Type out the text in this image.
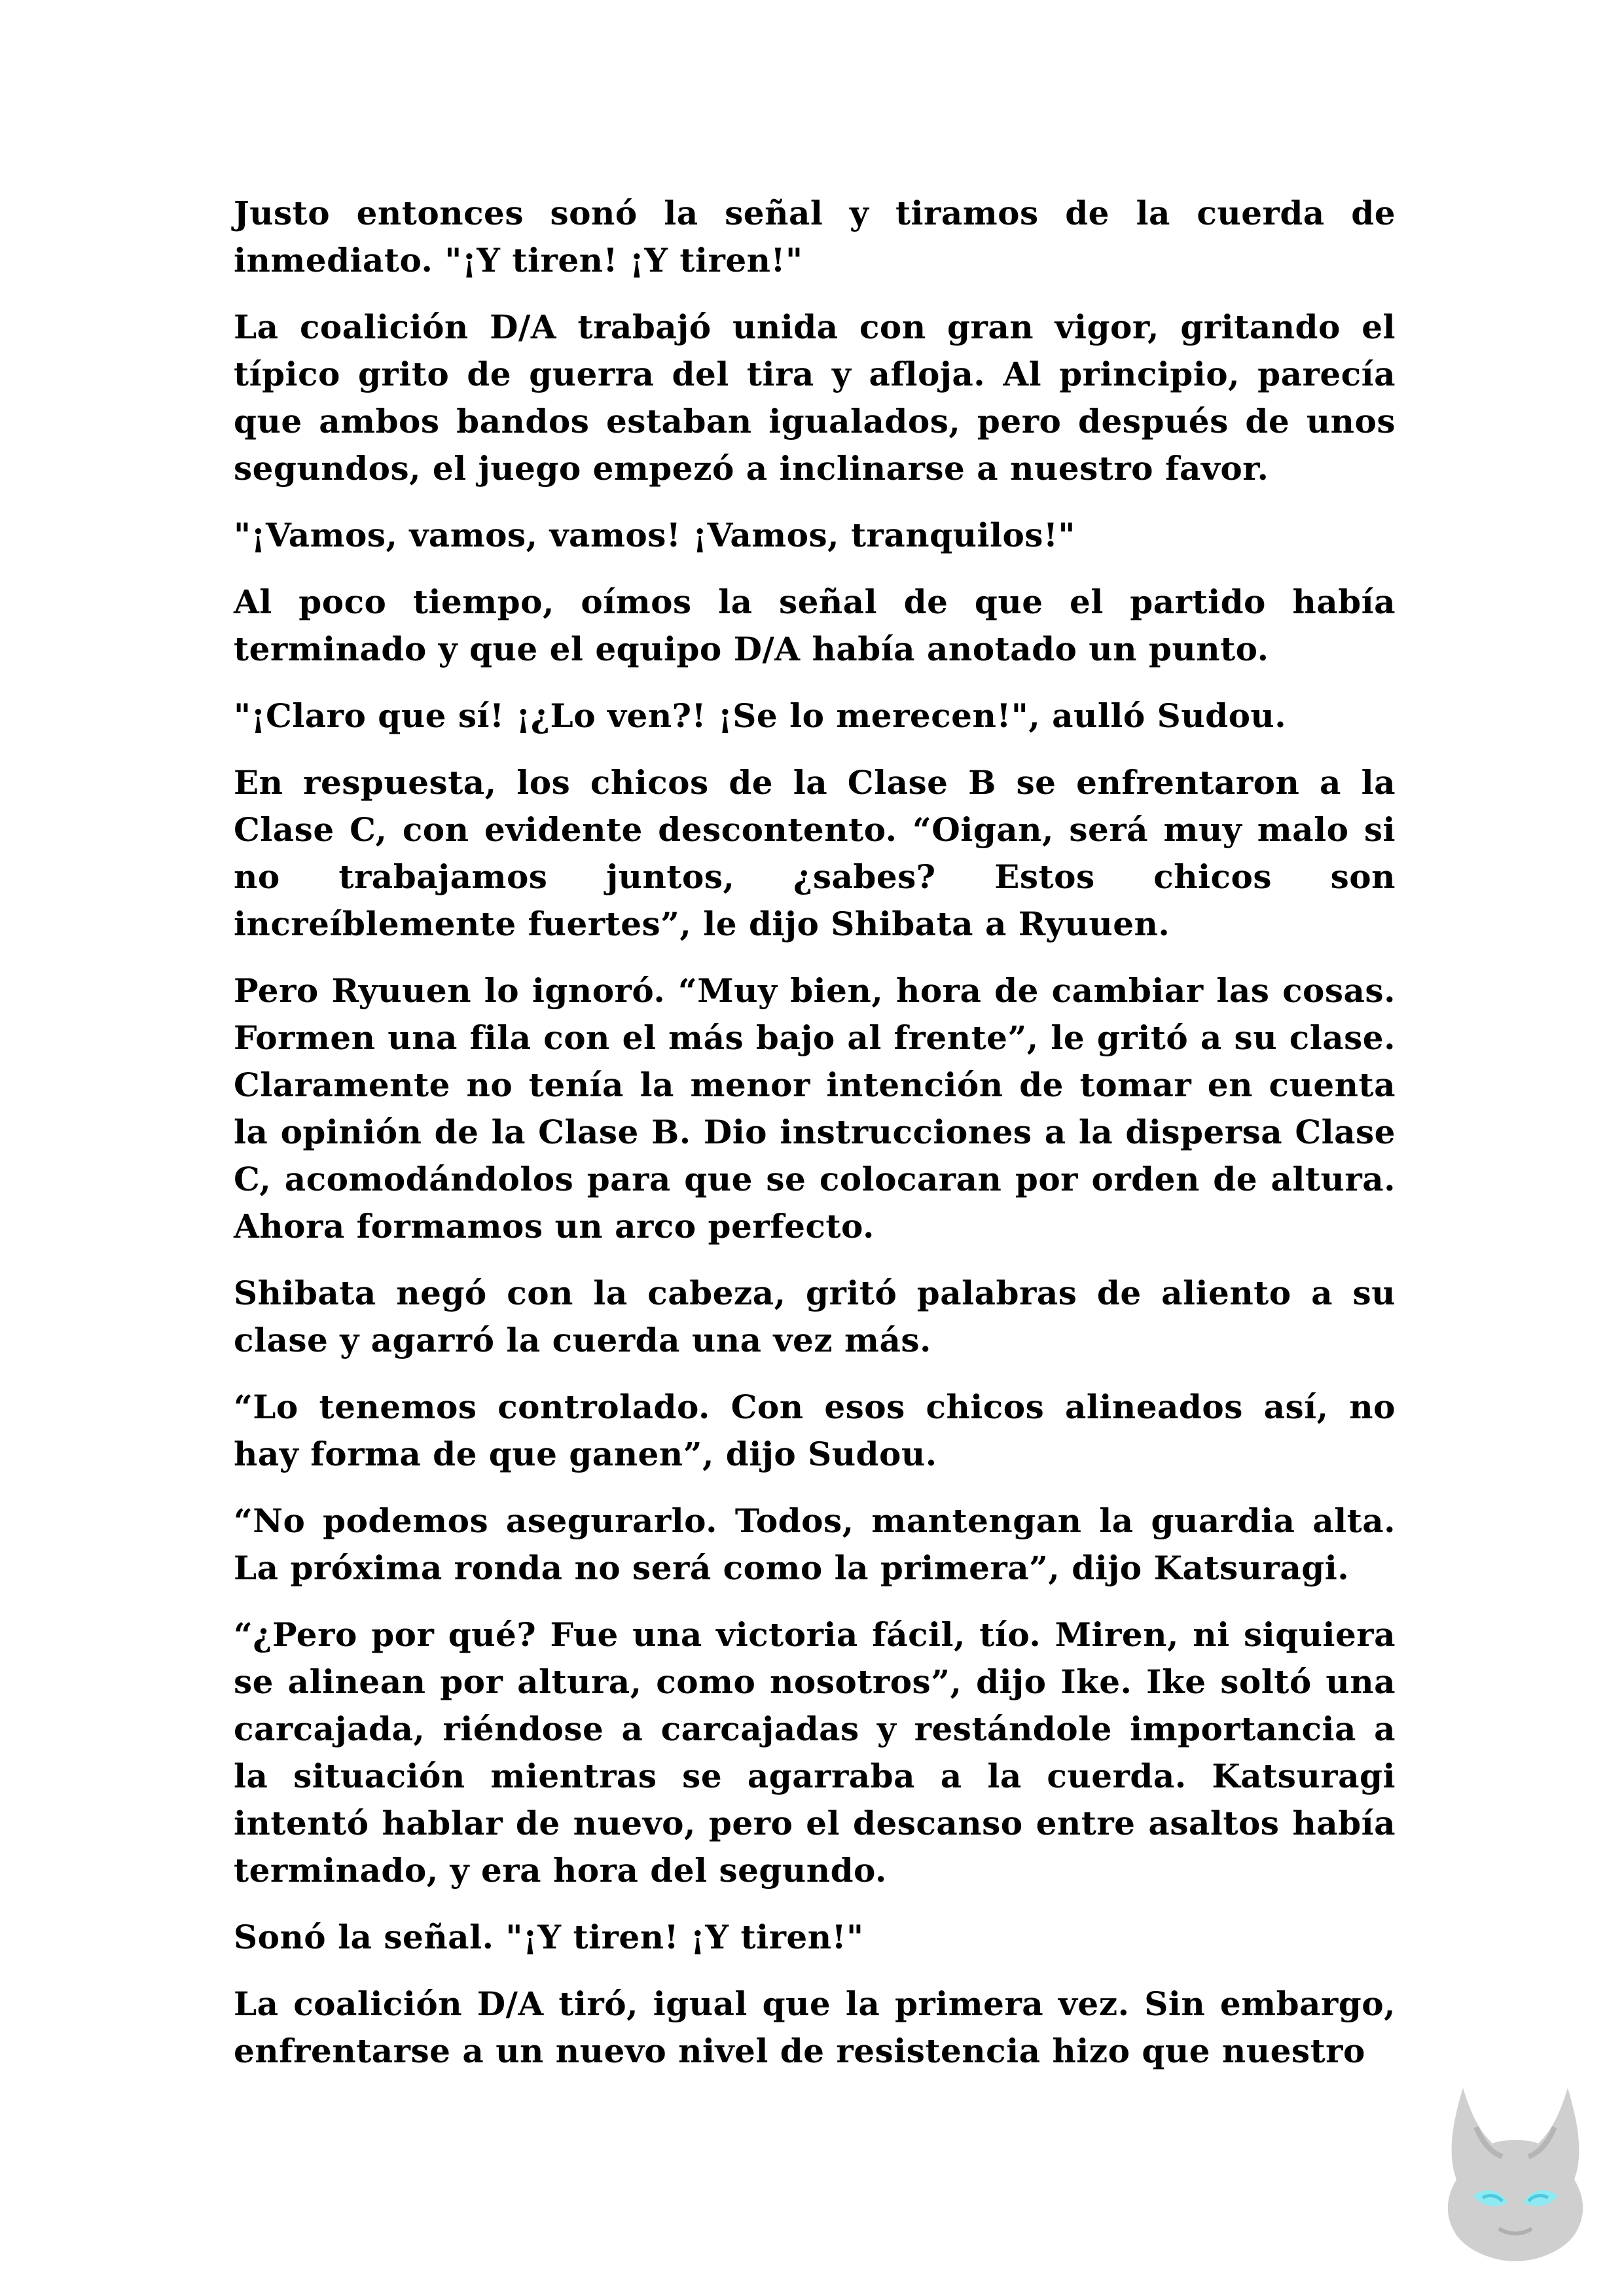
Justo entonces sonó la señal y tiramos de la cuerda de inmediato. "¡Y tiren! ¡Y tiren!"

La coalición D/A trabajó unida con gran vigor, gritando el típico grito de guerra del tira y afloja. Al principio, parecía que ambos bandos estaban igualados, pero después de unos segundos, el juego empezó a inclinarse a nuestro favor.

"¡Vamos, vamos, vamos! ¡Vamos, tranquilos!"

Al poco tiempo, oímos la señal de que el partido había terminado y que el equipo D/A había anotado un punto.

"¡Claro que sí! ¡¿Lo ven?! ¡Se lo merecen!", aulló Sudou.

En respuesta, los chicos de la Clase B se enfrentaron a la Clase C, con evidente descontento. “Oigan, será muy malo si no trabajamos juntos, ¿sabes? Estos chicos son increíblemente fuertes”, le dijo Shibata a Ryuuen.

Pero Ryuuen lo ignoró. “Muy bien, hora de cambiar las cosas. Formen una fila con el más bajo al frente”, le gritó a su clase. Claramente no tenía la menor intención de tomar en cuenta la opinión de la Clase B. Dio instrucciones a la dispersa Clase C, acomodándolos para que se colocaran por orden de altura. Ahora formamos un arco perfecto.

Shibata negó con la cabeza, gritó palabras de aliento a su clase y agarró la cuerda una vez más.

“Lo tenemos controlado. Con esos chicos alineados así, no hay forma de que ganen”, dijo Sudou.

“No podemos asegurarlo. Todos, mantengan la guardia alta. La próxima ronda no será como la primera”, dijo Katsuragi.

“¿Pero por qué? Fue una victoria fácil, tío. Miren, ni siquiera se alinean por altura, como nosotros”, dijo Ike. Ike soltó una carcajada, riéndose a carcajadas y restándole importancia a la situación mientras se agarraba a la cuerda. Katsuragi intentó hablar de nuevo, pero el descanso entre asaltos había terminado, y era hora del segundo.

Sonó la señal. "¡Y tiren! ¡Y tiren!"

La coalición D/A tiró, igual que la primera vez. Sin embargo, enfrentarse a un nuevo nivel de resistencia hizo que nuestro
